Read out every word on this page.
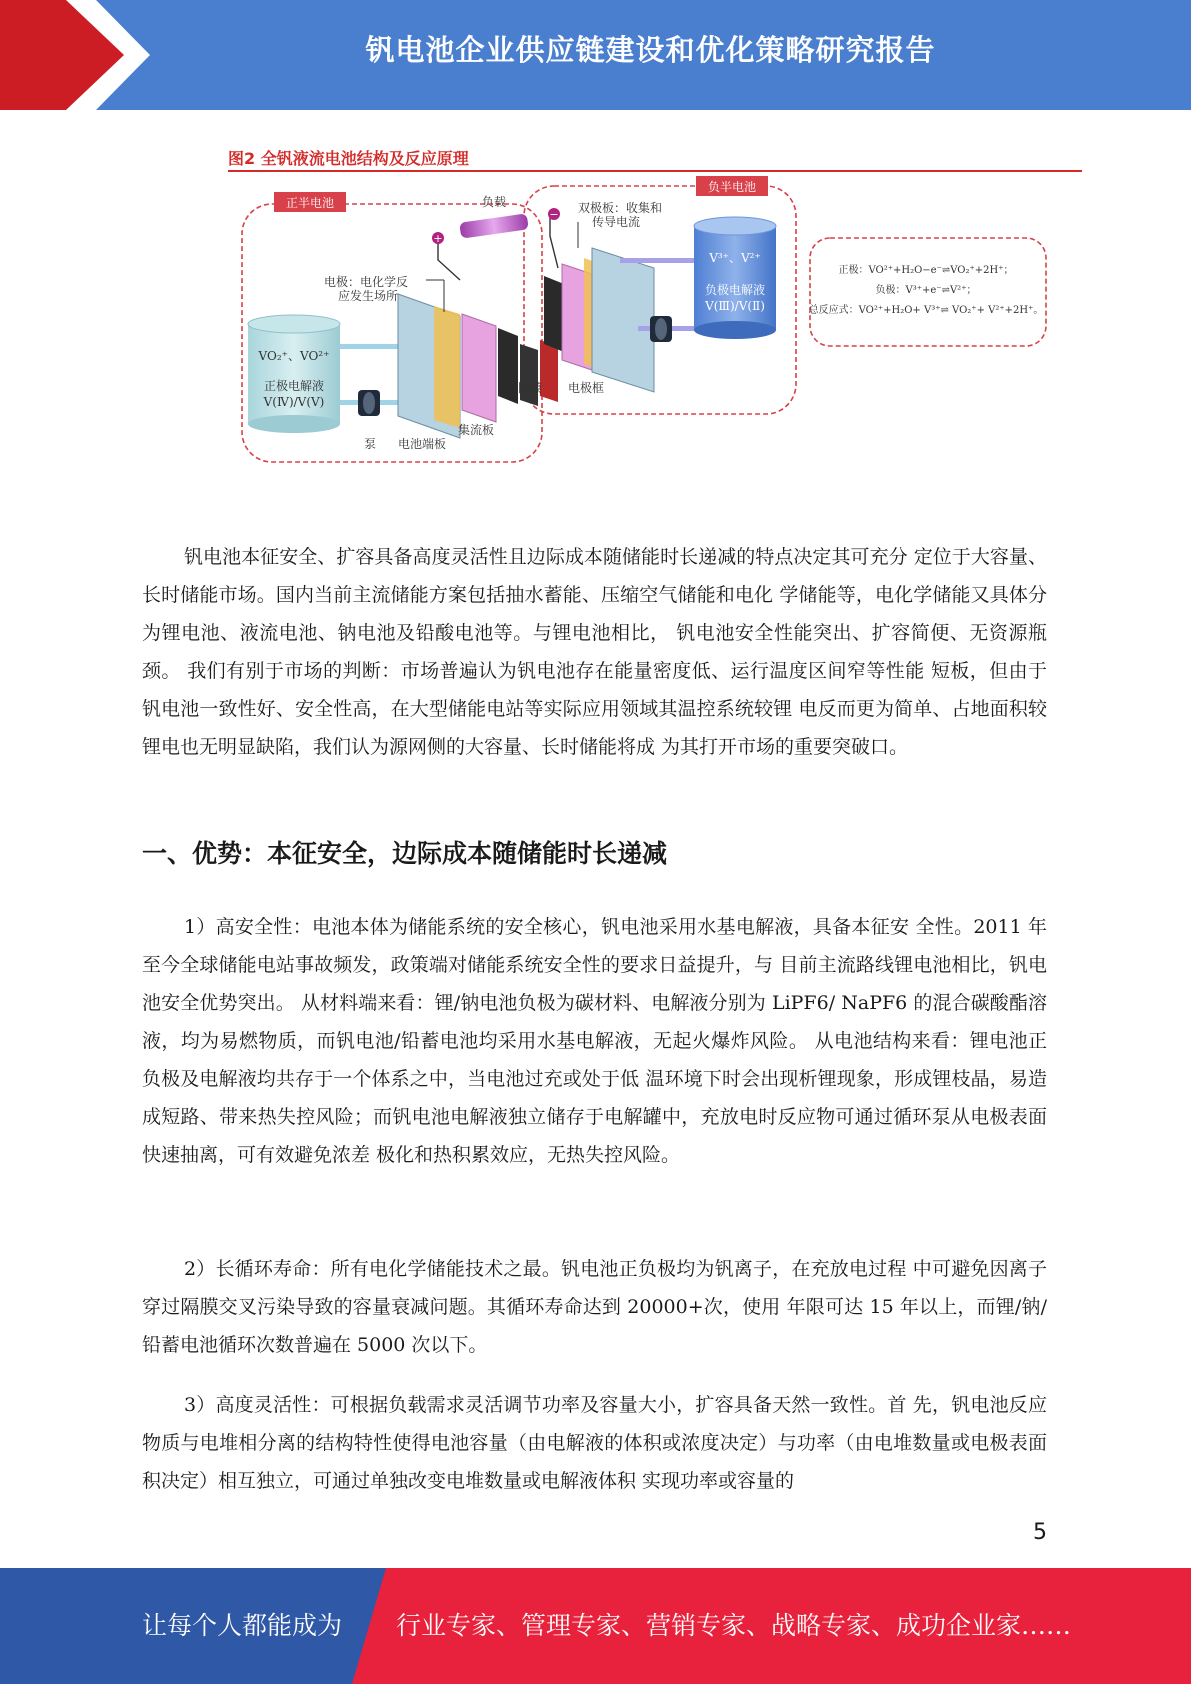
钒电池企业供应链建设和优化策略研究报告
图2 全钒液流电池结构及反应原理
正半电池
负半电池
VO₂⁺、VO²⁺
正极电解液
V(Ⅳ)/V(Ⅴ)
泵
V³⁺、V²⁺
负极电解液
V(Ⅲ)/V(Ⅱ)
负载
+
−
电极：电化学反
应发生场所
双极板：收集和
传导电流
电池端板
集流板
隔膜 电极框
正极：VO²⁺+H₂O−e⁻⇌VO₂⁺+2H⁺；
负极：V³⁺+e⁻⇌V²⁺；
总反应式：VO²⁺+H₂O+ V³⁺⇌ VO₂⁺+ V²⁺+2H⁺。

钒电池本征安全、扩容具备高度灵活性且边际成本随储能时长递减的特点决定其可充分 定位于大容量、长时储能市场。国内当前主流储能方案包括抽水蓄能、压缩空气储能和电化 学储能等，电化学储能又具体分为锂电池、液流电池、钠电池及铅酸电池等。与锂电池相比， 钒电池安全性能突出、扩容简便、无资源瓶颈。 我们有别于市场的判断：市场普遍认为钒电池存在能量密度低、运行温度区间窄等性能 短板，但由于钒电池一致性好、安全性高，在大型储能电站等实际应用领域其温控系统较锂 电反而更为简单、占地面积较锂电也无明显缺陷，我们认为源网侧的大容量、长时储能将成 为其打开市场的重要突破口。

一、优势：本征安全，边际成本随储能时长递减

1）高安全性：电池本体为储能系统的安全核心，钒电池采用水基电解液，具备本征安 全性。2011 年至今全球储能电站事故频发，政策端对储能系统安全性的要求日益提升，与 目前主流路线锂电池相比，钒电池安全优势突出。 从材料端来看：锂/钠电池负极为碳材料、电解液分别为 LiPF6/ NaPF6 的混合碳酸酯溶 液，均为易燃物质，而钒电池/铅蓄电池均采用水基电解液，无起火爆炸风险。 从电池结构来看：锂电池正负极及电解液均共存于一个体系之中，当电池过充或处于低 温环境下时会出现析锂现象，形成锂枝晶，易造成短路、带来热失控风险；而钒电池电解液独立储存于电解罐中，充放电时反应物可通过循环泵从电极表面快速抽离，可有效避免浓差 极化和热积累效应，无热失控风险。

2）长循环寿命：所有电化学储能技术之最。钒电池正负极均为钒离子，在充放电过程 中可避免因离子穿过隔膜交叉污染导致的容量衰减问题。其循环寿命达到 20000+次，使用 年限可达 15 年以上，而锂/钠/铅蓄电池循环次数普遍在 5000 次以下。

3）高度灵活性：可根据负载需求灵活调节功率及容量大小，扩容具备天然一致性。首 先，钒电池反应物质与电堆相分离的结构特性使得电池容量（由电解液的体积或浓度决定）与功率（由电堆数量或电极表面积决定）相互独立，可通过单独改变电堆数量或电解液体积 实现功率或容量的

5
让每个人都能成为 行业专家、管理专家、营销专家、战略专家、成功企业家……
